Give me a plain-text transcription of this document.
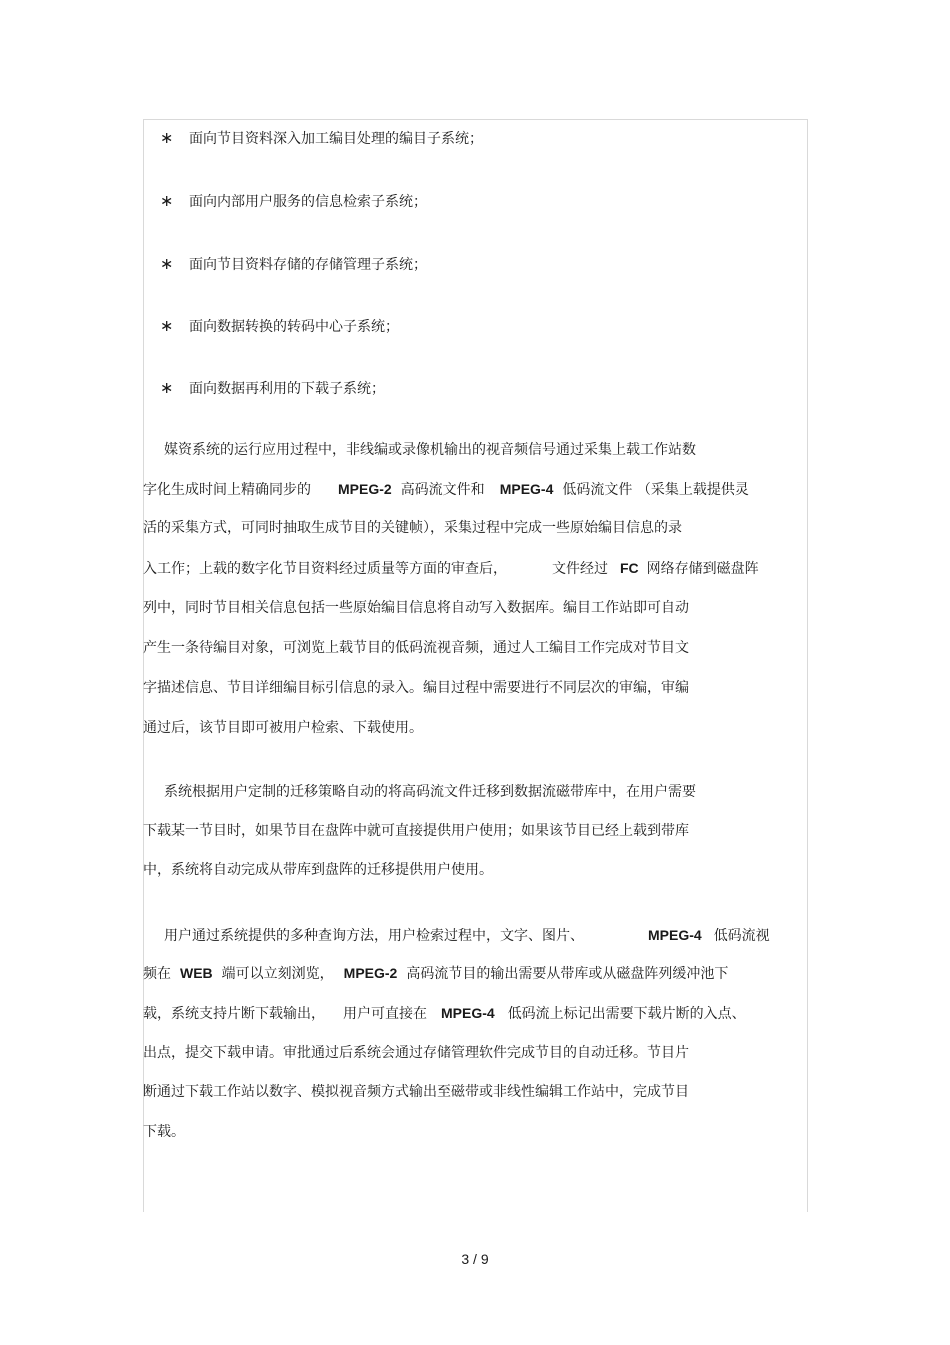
∗ 面向节目资料深入加工编目处理的编目子系统；
∗ 面向内部用户服务的信息检索子系统；
∗ 面向节目资料存储的存储管理子系统；
∗ 面向数据转换的转码中心子系统；
∗ 面向数据再利用的下载子系统；
媒资系统的运行应用过程中，非线编或录像机输出的视音频信号通过采集上载工作站数
字化生成时间上精确同步的 MPEG-2 高码流文件和 MPEG-4 低码流文件 （采集上载提供灵
活的采集方式，可同时抽取生成节目的关键帧），采集过程中完成一些原始编目信息的录
入工作；上载的数字化节目资料经过质量等方面的审查后，	文件经过 FC 网络存储到磁盘阵
列中，同时节目相关信息包括一些原始编目信息将自动写入数据库。编目工作站即可自动
产生一条待编目对象，可浏览上载节目的低码流视音频，通过人工编目工作完成对节目文
字描述信息、节目详细编目标引信息的录入。编目过程中需要进行不同层次的审编，审编
通过后，该节目即可被用户检索、下载使用。
系统根据用户定制的迁移策略自动的将高码流文件迁移到数据流磁带库中，在用户需要
下载某一节目时，如果节目在盘阵中就可直接提供用户使用；如果该节目已经上载到带库
中，系统将自动完成从带库到盘阵的迁移提供用户使用。
用户通过系统提供的多种查询方法，用户检索过程中，文字、图片、	MPEG-4 低码流视
频在 WEB 端可以立刻浏览， MPEG-2 高码流节目的输出需要从带库或从磁盘阵列缓冲池下
载，系统支持片断下载输出， 用户可直接在 MPEG-4 低码流上标记出需要下载片断的入点、
出点，提交下载申请。审批通过后系统会通过存储管理软件完成节目的自动迁移。节目片
断通过下载工作站以数字、模拟视音频方式输出至磁带或非线性编辑工作站中，完成节目
下载。
3 / 9
